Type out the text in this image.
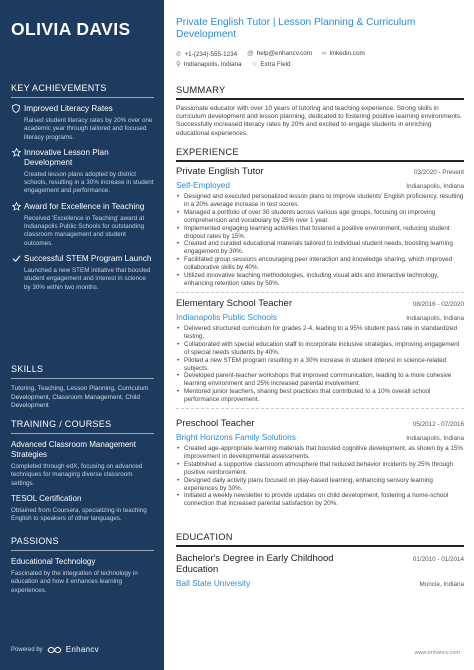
OLIVIA DAVIS
KEY ACHIEVEMENTS
Improved Literacy Rates
Raised student literacy rates by 20% over one academic year through tailored and focused literacy programs.
Innovative Lesson Plan Development
Created lesson plans adopted by district schools, resulting in a 30% increase in student engagement and performance.
Award for Excellence in Teaching
Received 'Excellence in Teaching' award at Indianapolis Public Schools for outstanding classroom management and student outcomes.
Successful STEM Program Launch
Launched a new STEM initiative that boosted student engagement and interest in science by 30% within two months.
SKILLS
Tutoring, Teaching, Lesson Planning, Curriculum Development, Classroom Management, Child Development
TRAINING / COURSES
Advanced Classroom Management Strategies
Completed through edX, focusing on advanced techniques for managing diverse classroom settings.
TESOL Certification
Obtained from Coursera, specializing in teaching English to speakers of other languages.
PASSIONS
Educational Technology
Fascinated by the integration of technology in education and how it enhances learning experiences.
Powered by	Enhancv
Private English Tutor | Lesson Planning & Curriculum Development
✆ +1-(234)-555-1234 @ help@enhancv.com ∞ linkedin.com
⚲ Indianapolis, Indiana ☆ Extra Field
SUMMARY
Passionate educator with over 10 years of tutoring and teaching experience. Strong skills in curriculum development and lesson planning, dedicated to fostering positive learning environments. Successfully increased literacy rates by 20% and excited to engage students in enriching educational experiences.
EXPERIENCE
Private English Tutor	03/2020 - Present
Self-Employed	Indianapolis, Indiana
• Designed and executed personalized lesson plans to improve students' English proficiency, resulting in a 20% average increase in test scores.
• Managed a portfolio of over 30 students across various age groups, focusing on improving comprehension and vocabulary by 25% over 1 year.
• Implemented engaging learning activities that fostered a positive environment, reducing student dropout rates by 15%.
• Created and curated educational materials tailored to individual student needs, boosting learning engagement by 30%.
• Facilitated group sessions encouraging peer interaction and knowledge sharing, which improved collaborative skills by 40%.
• Utilized innovative teaching methodologies, including visual aids and interactive technology, enhancing retention rates by 50%.
Elementary School Teacher	08/2016 - 02/2020
Indianapolis Public Schools	Indianapolis, Indiana
• Delivered structured curriculum for grades 2-4, leading to a 95% student pass rate in standardized testing.
• Collaborated with special education staff to incorporate inclusive strategies, improving engagement of special needs students by 40%.
• Piloted a new STEM program resulting in a 30% increase in student interest in science-related subjects.
• Developed parent-teacher workshops that improved communication, leading to a more cohesive learning environment and 25% increased parental involvement.
• Mentored junior teachers, sharing best practices that contributed to a 10% overall school performance improvement.
Preschool Teacher	05/2012 - 07/2016
Bright Horizons Family Solutions	Indianapolis, Indiana
• Created age-appropriate learning materials that boosted cognitive development, as shown by a 15% improvement in developmental assessments.
• Established a supportive classroom atmosphere that reduced behavior incidents by 25% through positive reinforcement.
• Designed daily activity plans focused on play-based learning, enhancing sensory learning experiences by 30%.
• Initiated a weekly newsletter to provide updates on child development, fostering a home-school connection that increased parental satisfaction by 20%.
EDUCATION
Bachelor's Degree in Early Childhood Education
01/2010 - 01/2014
Ball State University	Muncie, Indiana
www.enhancv.com
